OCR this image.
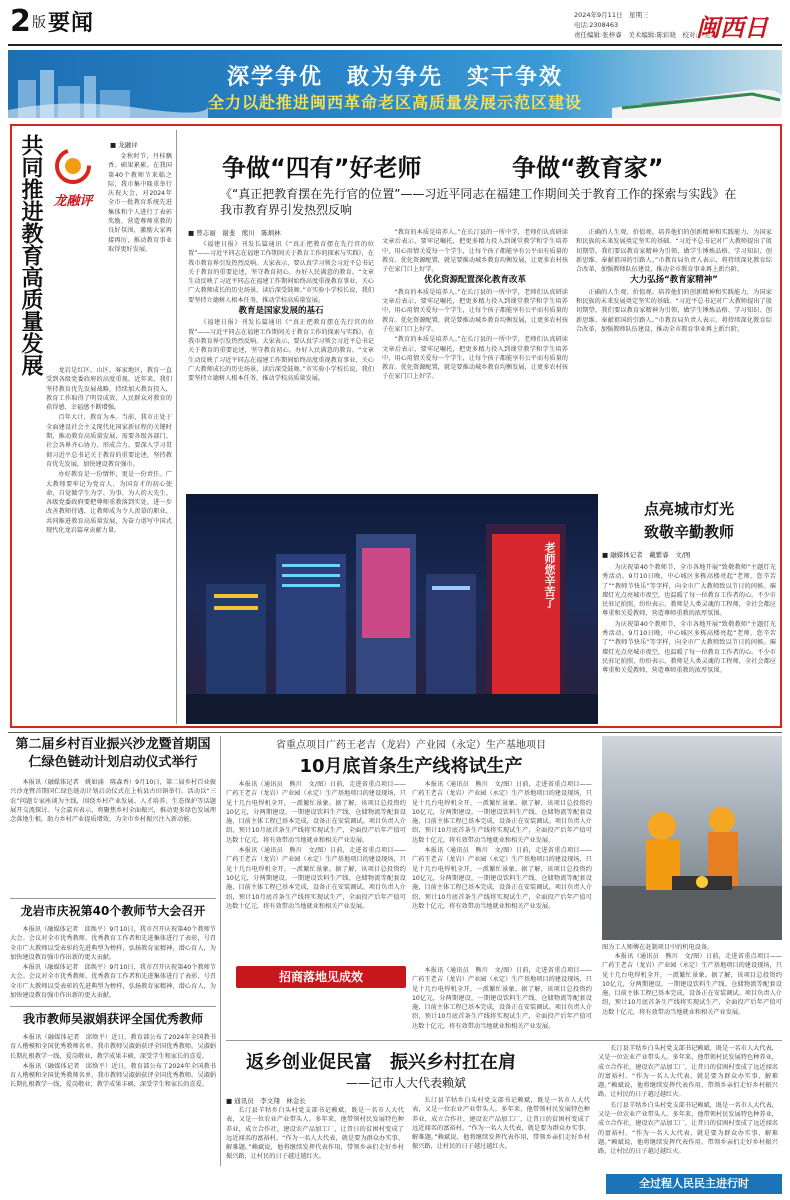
2 版 要闻	2024年9月11日　星期三
电话:2308463
责任编辑:张梓睿　美术编辑:陈彩晓　校对:卢允芳
闽西日
深学争优　敢为争先　实干争效
全力以赴推进闽西革命老区高质量发展示范区建设
共同推进教育高质量发展 龙融评
■ 龙融评

金秋时节，丹桂飘香。硕果累累。在我国第40个教师节来临之际，我市集中隆重举行庆祝大会，对2024年全市一批教育系统先进集体和个人进行了表彰奖励，营造尊师重教的良好氛围，激励大家再接再厉，推动教育事业取得更好发展。

龙岩是红区、山区、客家地区，教育一直受到各级党委政府的高度重视。近年来，我们坚持教育优先发展战略，持续加大教育投入，教育工作取得了明显成效，人民群众对教育的获得感、幸福感不断增强。

百年大计，教育为本。当前，我市正处于全面建设社会主义现代化国家新征程的关键时期，推动教育高质量发展，需要各级各部门、社会各界齐心协力、形成合力。要深入学习贯彻习近平总书记关于教育的重要论述，坚持教育优先发展，加快建设教育强市。

办好教育是一份情怀，更是一份责任。广大教师要牢记为党育人、为国育才的初心使命，自觉做学生为学、为事、为人的大先生。各级党委政府要把尊师重教落到实处，进一步改善教师待遇，让教师成为令人羡慕的职业，共同推进教育高质量发展，为奋力谱写中国式现代化龙岩篇章贡献力量。

争做“四有”好老师	争做“教育家”
《“真正把教育摆在先行官的位置”——习近平同志在福建工作期间关于教育工作的探索与实践》在我市教育界引发热烈反响
■ 曾志丽　谢斐　熊川　陈炳林

《福建日报》刊发长篇通讯《“真正把教育摆在先行官的位置”——习近平同志在福建工作期间关于教育工作的探索与实践》，在我市教育界引发热烈反响。大家表示，要认真学习领会习近平总书记关于教育的重要论述，坚守教育初心，办好人民满意的教育。“文章生动反映了习近平同志在福建工作期间始终高度重视教育事业、关心广大教师成长的历史场景，读后深受鼓舞。”市实验小学校长说，我们要坚持立德树人根本任务，推动学校高质量发展。

教育是国家发展的基石

《福建日报》刊发长篇通讯《“真正把教育摆在先行官的位置”——习近平同志在福建工作期间关于教育工作的探索与实践》，在我市教育界引发热烈反响。大家表示，要认真学习领会习近平总书记关于教育的重要论述，坚守教育初心，办好人民满意的教育。“文章生动反映了习近平同志在福建工作期间始终高度重视教育事业、关心广大教师成长的历史场景，读后深受鼓舞。”市实验小学校长说，我们要坚持立德树人根本任务，推动学校高质量发展。

“教育的本质是培养人。”在长汀县的一所中学，老师们认真研读文章后表示，要牢记嘱托，把更多精力投入到课堂教学和学生培养中，用心用情关爱每一个学生，让每个孩子都能享有公平而有质量的教育。优化资源配置，就是要推动城乡教育均衡发展，让更多农村孩子在家门口上好学。

优化资源配置深化教育改革

“教育的本质是培养人。”在长汀县的一所中学，老师们认真研读文章后表示，要牢记嘱托，把更多精力投入到课堂教学和学生培养中，用心用情关爱每一个学生，让每个孩子都能享有公平而有质量的教育。优化资源配置，就是要推动城乡教育均衡发展，让更多农村孩子在家门口上好学。

“教育的本质是培养人。”在长汀县的一所中学，老师们认真研读文章后表示，要牢记嘱托，把更多精力投入到课堂教学和学生培养中，用心用情关爱每一个学生，让每个孩子都能享有公平而有质量的教育。优化资源配置，就是要推动城乡教育均衡发展，让更多农村孩子在家门口上好学。

正确的人生观、价值观。培养他们的创新精神和实践能力，为国家和民族的未来发展奠定坚实的基础。“习近平总书记对广大教师提出了殷切期望，我们要以教育家精神为引领，做学生锤炼品格、学习知识、创新思维、奉献祖国的引路人。”市教育局负责人表示，将持续深化教育综合改革，加强教师队伍建设，推动全市教育事业再上新台阶。

大力弘扬“教育家精神”

正确的人生观、价值观。培养他们的创新精神和实践能力，为国家和民族的未来发展奠定坚实的基础。“习近平总书记对广大教师提出了殷切期望，我们要以教育家精神为引领，做学生锤炼品格、学习知识、创新思维、奉献祖国的引路人。”市教育局负责人表示，将持续深化教育综合改革，加强教师队伍建设，推动全市教育事业再上新台阶。

老师您辛苦了
点亮城市灯光
致敬辛勤教师
■ 融媒体记者　戴紫睿　文/图

为庆祝第40个教师节，全市各地开展“致敬教师”主题灯光秀活动。9月10日晚，中心城区多栋高楼亮起“老师，您辛苦了”“教师节快乐”等字样，向全市广大教师致以节日的问候。璀璨灯光点亮城市夜空，也温暖了每一位教育工作者的心。不少市民驻足拍照，纷纷表示，教师是人类灵魂的工程师，全社会都应尊重和关爱教师，营造尊师重教的浓厚氛围。

为庆祝第40个教师节，全市各地开展“致敬教师”主题灯光秀活动。9月10日晚，中心城区多栋高楼亮起“老师，您辛苦了”“教师节快乐”等字样，向全市广大教师致以节日的问候。璀璨灯光点亮城市夜空，也温暖了每一位教育工作者的心。不少市民驻足拍照，纷纷表示，教师是人类灵魂的工程师，全社会都应尊重和关爱教师，营造尊师重教的浓厚氛围。

第二届乡村百业振兴沙龙暨首期国仁绿色链动计划启动仪式举行

本报讯（融媒体记者　姚如涌　陈森香）9月10日，第二届乡村百业振兴沙龙暨首期国仁绿色链动计划启动仪式在上杭县古田镇举行。活动以“三农”问题专家座谈为主线，围绕乡村产业发展、人才培养、生态保护等话题展开交流探讨。与会嘉宾表示，将聚焦乡村全面振兴，推动更多绿色发展理念落地生根，助力乡村产业提质增效，为全市乡村振兴注入新动能。

省重点项目广药王老吉（龙岩）产业园（永定）生产基地项目
10月底首条生产线将试生产

本报讯（通讯员　熊川　文/图）日前，走进省重点项目——广药王老吉（龙岩）产业园（永定）生产基地项目的建设现场，只见十几台电焊机全开，一派繁忙景象。据了解，该项目总投资约10亿元，分两期建设，一期建设饮料生产线、仓储物流等配套设施，目前主体工程已基本完成，设备正在安装调试。项目负责人介绍，预计10月底首条生产线将实现试生产，全面投产后年产值可达数十亿元，将有效带动当地就业和相关产业发展。

本报讯（通讯员　熊川　文/图）日前，走进省重点项目——广药王老吉（龙岩）产业园（永定）生产基地项目的建设现场，只见十几台电焊机全开，一派繁忙景象。据了解，该项目总投资约10亿元，分两期建设，一期建设饮料生产线、仓储物流等配套设施，目前主体工程已基本完成，设备正在安装调试。项目负责人介绍，预计10月底首条生产线将实现试生产，全面投产后年产值可达数十亿元，将有效带动当地就业和相关产业发展。

本报讯（通讯员　熊川　文/图）日前，走进省重点项目——广药王老吉（龙岩）产业园（永定）生产基地项目的建设现场，只见十几台电焊机全开，一派繁忙景象。据了解，该项目总投资约10亿元，分两期建设，一期建设饮料生产线、仓储物流等配套设施，目前主体工程已基本完成，设备正在安装调试。项目负责人介绍，预计10月底首条生产线将实现试生产，全面投产后年产值可达数十亿元，将有效带动当地就业和相关产业发展。

本报讯（通讯员　熊川　文/图）日前，走进省重点项目——广药王老吉（龙岩）产业园（永定）生产基地项目的建设现场，只见十几台电焊机全开，一派繁忙景象。据了解，该项目总投资约10亿元，分两期建设，一期建设饮料生产线、仓储物流等配套设施，目前主体工程已基本完成，设备正在安装调试。项目负责人介绍，预计10月底首条生产线将实现试生产，全面投产后年产值可达数十亿元，将有效带动当地就业和相关产业发展。

图为工人师傅在赶制项目中的机电设备。

本报讯（通讯员　熊川　文/图）日前，走进省重点项目——广药王老吉（龙岩）产业园（永定）生产基地项目的建设现场，只见十几台电焊机全开，一派繁忙景象。据了解，该项目总投资约10亿元，分两期建设，一期建设饮料生产线、仓储物流等配套设施，目前主体工程已基本完成，设备正在安装调试。项目负责人介绍，预计10月底首条生产线将实现试生产，全面投产后年产值可达数十亿元，将有效带动当地就业和相关产业发展。

招商落地见成效	本报讯（通讯员　熊川　文/图）日前，走进省重点项目——广药王老吉（龙岩）产业园（永定）生产基地项目的建设现场，只见十几台电焊机全开，一派繁忙景象。据了解，该项目总投资约10亿元，分两期建设，一期建设饮料生产线、仓储物流等配套设施，目前主体工程已基本完成，设备正在安装调试。项目负责人介绍，预计10月底首条生产线将实现试生产，全面投产后年产值可达数十亿元，将有效带动当地就业和相关产业发展。

龙岩市庆祝第40个教师节大会召开

本报讯（融媒体记者　邱焕平）9月10日，我市召开庆祝第40个教师节大会。会议对全市优秀教师、优秀教育工作者和先进集体进行了表彰，号召全市广大教师以受表彰的先进典型为榜样，弘扬教育家精神，潜心育人，为加快建设教育强市作出新的更大贡献。

本报讯（融媒体记者　邱焕平）9月10日，我市召开庆祝第40个教师节大会。会议对全市优秀教师、优秀教育工作者和先进集体进行了表彰，号召全市广大教师以受表彰的先进典型为榜样，弘扬教育家精神，潜心育人，为加快建设教育强市作出新的更大贡献。

我市教师吴淑娟获评全国优秀教师

本报讯（融媒体记者　邱焕平）近日，教育部公布了2024年全国教书育人楷模和全国优秀教师名单，我市教师吴淑娟获评全国优秀教师。吴淑娟长期扎根教学一线，爱岗敬业，教学成果丰硕，深受学生和家长的喜爱。

本报讯（融媒体记者　邱焕平）近日，教育部公布了2024年全国教书育人楷模和全国优秀教师名单，我市教师吴淑娟获评全国优秀教师。吴淑娟长期扎根教学一线，爱岗敬业，教学成果丰硕，深受学生和家长的喜爱。

返乡创业促民富　振兴乡村扛在肩
——记市人大代表赖斌
■ 通讯员　李文翔　林金长

长汀县羊牯乡白头村党支部书记赖斌，既是一名市人大代表，又是一位农业产业带头人。多年来，他带领村民发展特色种养业，成立合作社，建设农产品加工厂，让昔日的贫困村变成了远近闻名的富裕村。“作为一名人大代表，就是要为群众办实事、解难题。”赖斌说，他将继续发挥代表作用，带领乡亲们走好乡村振兴路，让村民的日子越过越红火。

长汀县羊牯乡白头村党支部书记赖斌，既是一名市人大代表，又是一位农业产业带头人。多年来，他带领村民发展特色种养业，成立合作社，建设农产品加工厂，让昔日的贫困村变成了远近闻名的富裕村。“作为一名人大代表，就是要为群众办实事、解难题。”赖斌说，他将继续发挥代表作用，带领乡亲们走好乡村振兴路，让村民的日子越过越红火。

长汀县羊牯乡白头村党支部书记赖斌，既是一名市人大代表，又是一位农业产业带头人。多年来，他带领村民发展特色种养业，成立合作社，建设农产品加工厂，让昔日的贫困村变成了远近闻名的富裕村。“作为一名人大代表，就是要为群众办实事、解难题。”赖斌说，他将继续发挥代表作用，带领乡亲们走好乡村振兴路，让村民的日子越过越红火。

长汀县羊牯乡白头村党支部书记赖斌，既是一名市人大代表，又是一位农业产业带头人。多年来，他带领村民发展特色种养业，成立合作社，建设农产品加工厂，让昔日的贫困村变成了远近闻名的富裕村。“作为一名人大代表，就是要为群众办实事、解难题。”赖斌说，他将继续发挥代表作用，带领乡亲们走好乡村振兴路，让村民的日子越过越红火。

全过程人民民主进行时
